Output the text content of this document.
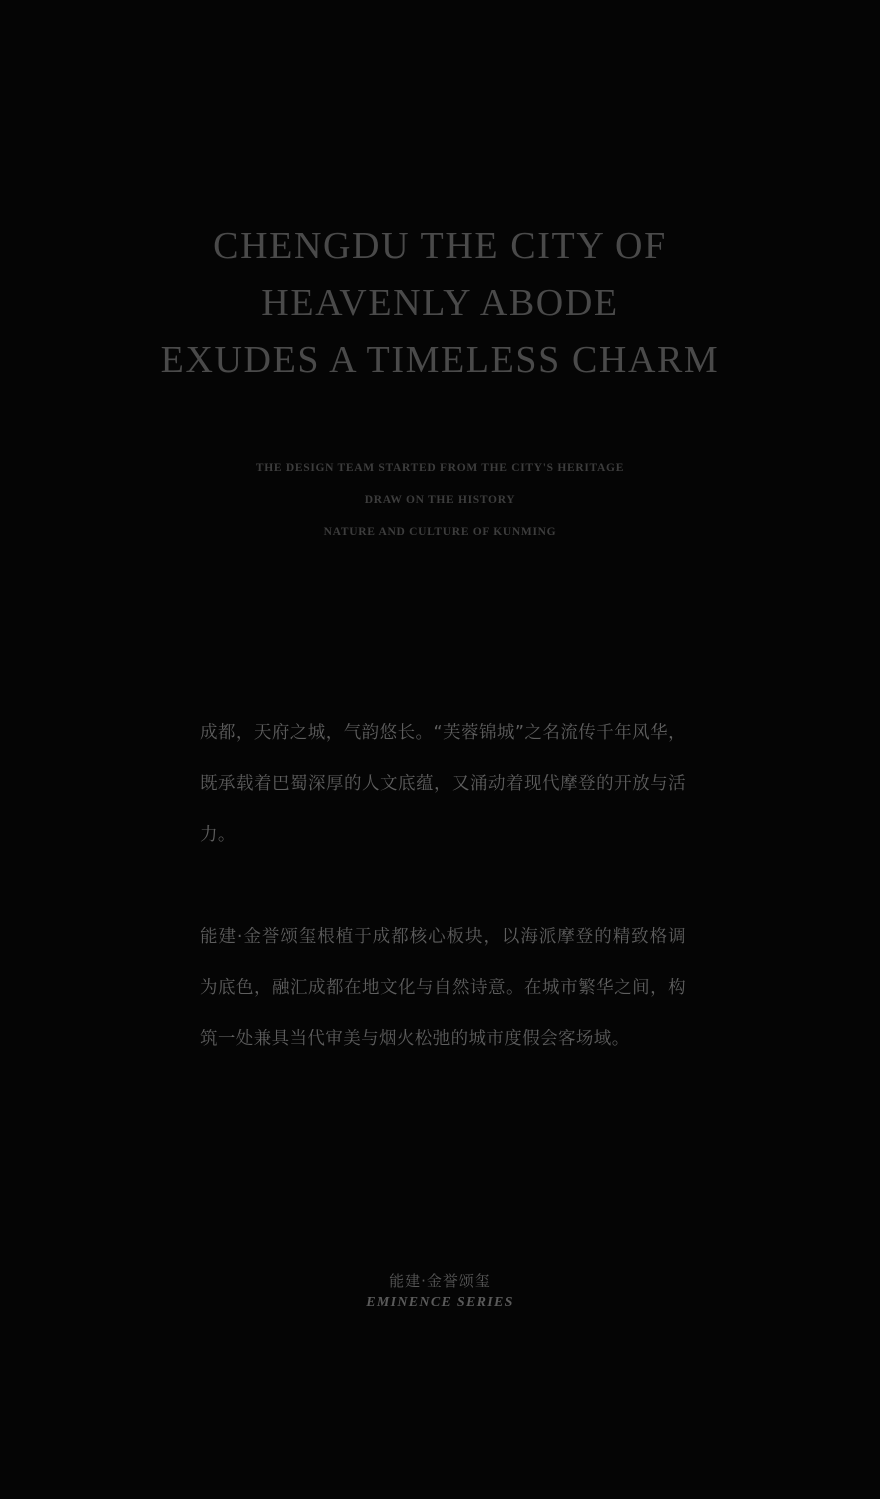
CHENGDU THE CITY OF
HEAVENLY ABODE
EXUDES A TIMELESS CHARM
THE DESIGN TEAM STARTED FROM THE CITY'S HERITAGE
DRAW ON THE HISTORY
NATURE AND CULTURE OF KUNMING

成都，天府之城，气韵悠长。“芙蓉锦城”之名流传千年风华，既承载着巴蜀深厚的人文底蕴，又涌动着现代摩登的开放与活力。

能建·金誉颂玺根植于成都核心板块，以海派摩登的精致格调为底色，融汇成都在地文化与自然诗意。在城市繁华之间，构筑一处兼具当代审美与烟火松弛的城市度假会客场域。

能建·金誉颂玺
EMINENCE SERIES
